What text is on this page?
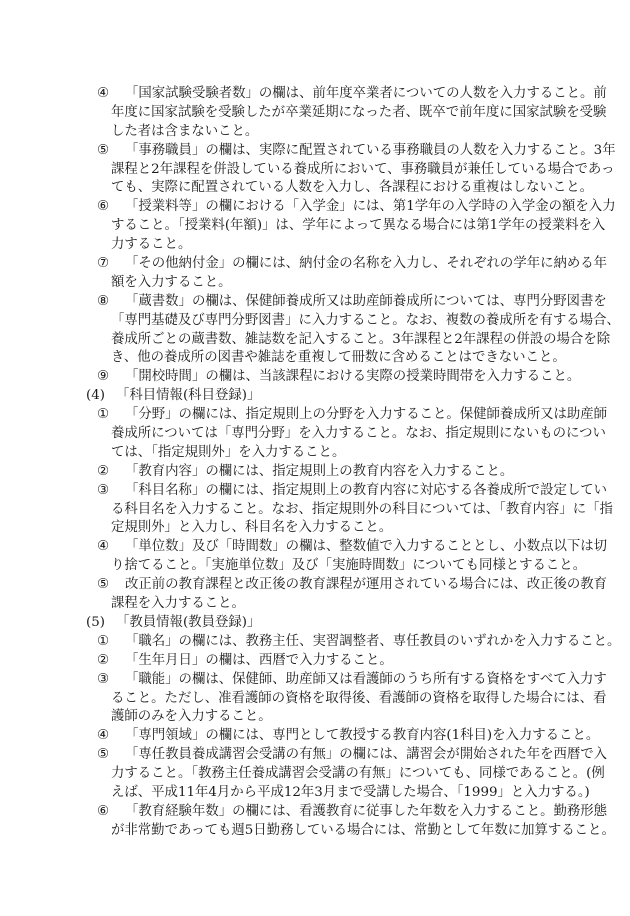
④ 「国家試験受験者数」の欄は、前年度卒業者についての人数を入力すること。前
年度に国家試験を受験したが卒業延期になった者、既卒で前年度に国家試験を受験
した者は含まないこと。
⑤ 「事務職員」の欄は、実際に配置されている事務職員の人数を入力すること。3年
課程と2年課程を併設している養成所において、事務職員が兼任している場合であっ
ても、実際に配置されている人数を入力し、各課程における重複はしないこと。
⑥ 「授業料等」の欄における「入学金」には、第1学年の入学時の入学金の額を入力
すること。「授業料(年額)」は、学年によって異なる場合には第1学年の授業料を入
力すること。
⑦ 「その他納付金」の欄には、納付金の名称を入力し、それぞれの学年に納める年
額を入力すること。
⑧ 「蔵書数」の欄は、保健師養成所又は助産師養成所については、専門分野図書を
「専門基礎及び専門分野図書」に入力すること。なお、複数の養成所を有する場合、
養成所ごとの蔵書数、雑誌数を記入すること。3年課程と2年課程の併設の場合を除
き、他の養成所の図書や雑誌を重複して冊数に含めることはできないこと。
⑨ 「開校時間」の欄は、当該課程における実際の授業時間帯を入力すること。
(4) 「科目情報(科目登録)」
① 「分野」の欄には、指定規則上の分野を入力すること。保健師養成所又は助産師
養成所については「専門分野」を入力すること。なお、指定規則にないものについ
ては、「指定規則外」を入力すること。
② 「教育内容」の欄には、指定規則上の教育内容を入力すること。
③ 「科目名称」の欄には、指定規則上の教育内容に対応する各養成所で設定してい
る科目名を入力すること。なお、指定規則外の科目については、「教育内容」に「指
定規則外」と入力し、科目名を入力すること。
④ 「単位数」及び「時間数」の欄は、整数値で入力することとし、小数点以下は切
り捨てること。「実施単位数」及び「実施時間数」についても同様とすること。
⑤ 改正前の教育課程と改正後の教育課程が運用されている場合には、改正後の教育
課程を入力すること。
(5) 「教員情報(教員登録)」
① 「職名」の欄には、教務主任、実習調整者、専任教員のいずれかを入力すること。
② 「生年月日」の欄は、西暦で入力すること。
③ 「職能」の欄は、保健師、助産師又は看護師のうち所有する資格をすべて入力す
ること。ただし、准看護師の資格を取得後、看護師の資格を取得した場合には、看
護師のみを入力すること。
④ 「専門領域」の欄には、専門として教授する教育内容(1科目)を入力すること。
⑤ 「専任教員養成講習会受講の有無」の欄には、講習会が開始された年を西暦で入
力すること。「教務主任養成講習会受講の有無」についても、同様であること。(例
えば、平成11年4月から平成12年3月まで受講した場合、「1999」と入力する。)
⑥ 「教育経験年数」の欄には、看護教育に従事した年数を入力すること。勤務形態
が非常勤であっても週5日勤務している場合には、常勤として年数に加算すること。
